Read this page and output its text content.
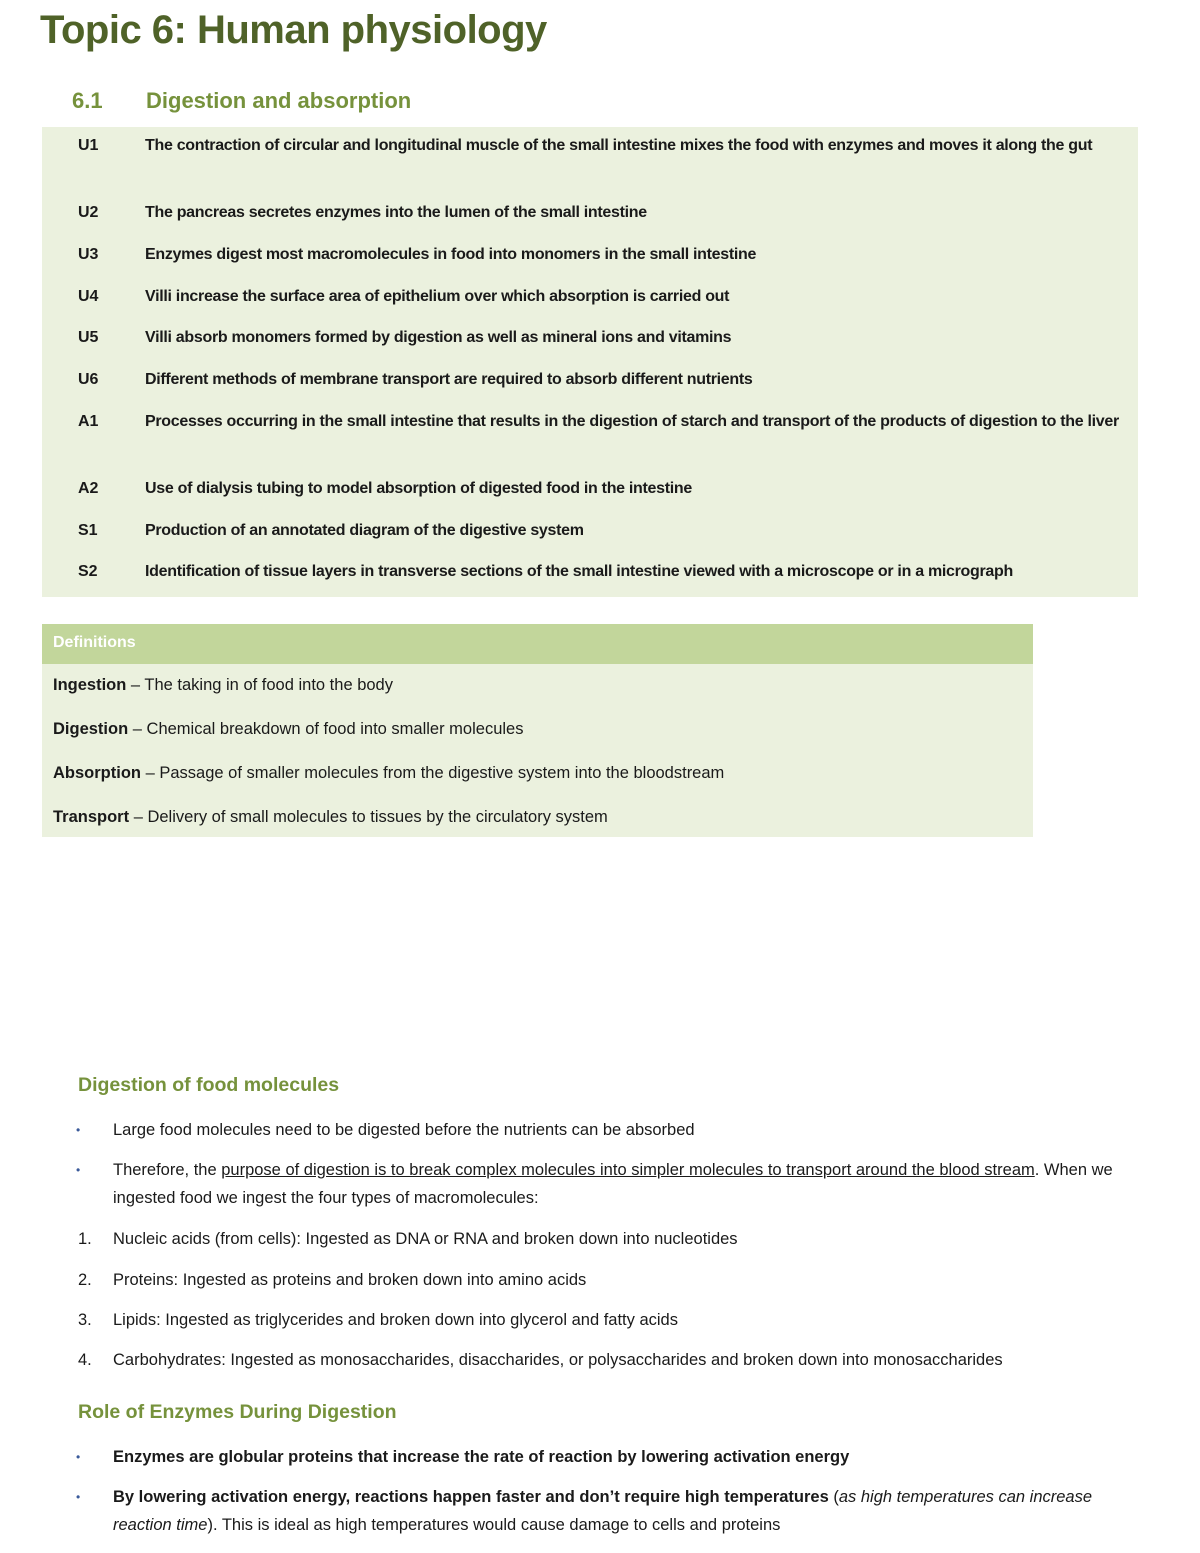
Topic 6: Human physiology
6.1 Digestion and absorption
U1	The contraction of circular and longitudinal muscle of the small intestine mixes the food with enzymes and moves it along the gut
U2	The pancreas secretes enzymes into the lumen of the small intestine
U3	Enzymes digest most macromolecules in food into monomers in the small intestine
U4	Villi increase the surface area of epithelium over which absorption is carried out
U5	Villi absorb monomers formed by digestion as well as mineral ions and vitamins
U6	Different methods of membrane transport are required to absorb different nutrients
A1	Processes occurring in the small intestine that results in the digestion of starch and transport of the products of digestion to the liver
A2	Use of dialysis tubing to model absorption of digested food in the intestine
S1	Production of an annotated diagram of the digestive system
S2	Identification of tissue layers in transverse sections of the small intestine viewed with a microscope or in a micrograph
Definitions
Ingestion – The taking in of food into the body
Digestion – Chemical breakdown of food into smaller molecules
Absorption – Passage of smaller molecules from the digestive system into the bloodstream
Transport – Delivery of small molecules to tissues by the circulatory system
Digestion of food molecules
•	Large food molecules need to be digested before the nutrients can be absorbed
•	Therefore, the purpose of digestion is to break complex molecules into simpler molecules to transport around the blood stream. When we ingested food we ingest the four types of macromolecules:
1.	Nucleic acids (from cells): Ingested as DNA or RNA and broken down into nucleotides
2.	Proteins: Ingested as proteins and broken down into amino acids
3.	Lipids: Ingested as triglycerides and broken down into glycerol and fatty acids
4.	Carbohydrates: Ingested as monosaccharides, disaccharides, or polysaccharides and broken down into monosaccharides
Role of Enzymes During Digestion
•	Enzymes are globular proteins that increase the rate of reaction by lowering activation energy
•	By lowering activation energy, reactions happen faster and don’t require high temperatures (as high temperatures can increase reaction time). This is ideal as high temperatures would cause damage to cells and proteins
